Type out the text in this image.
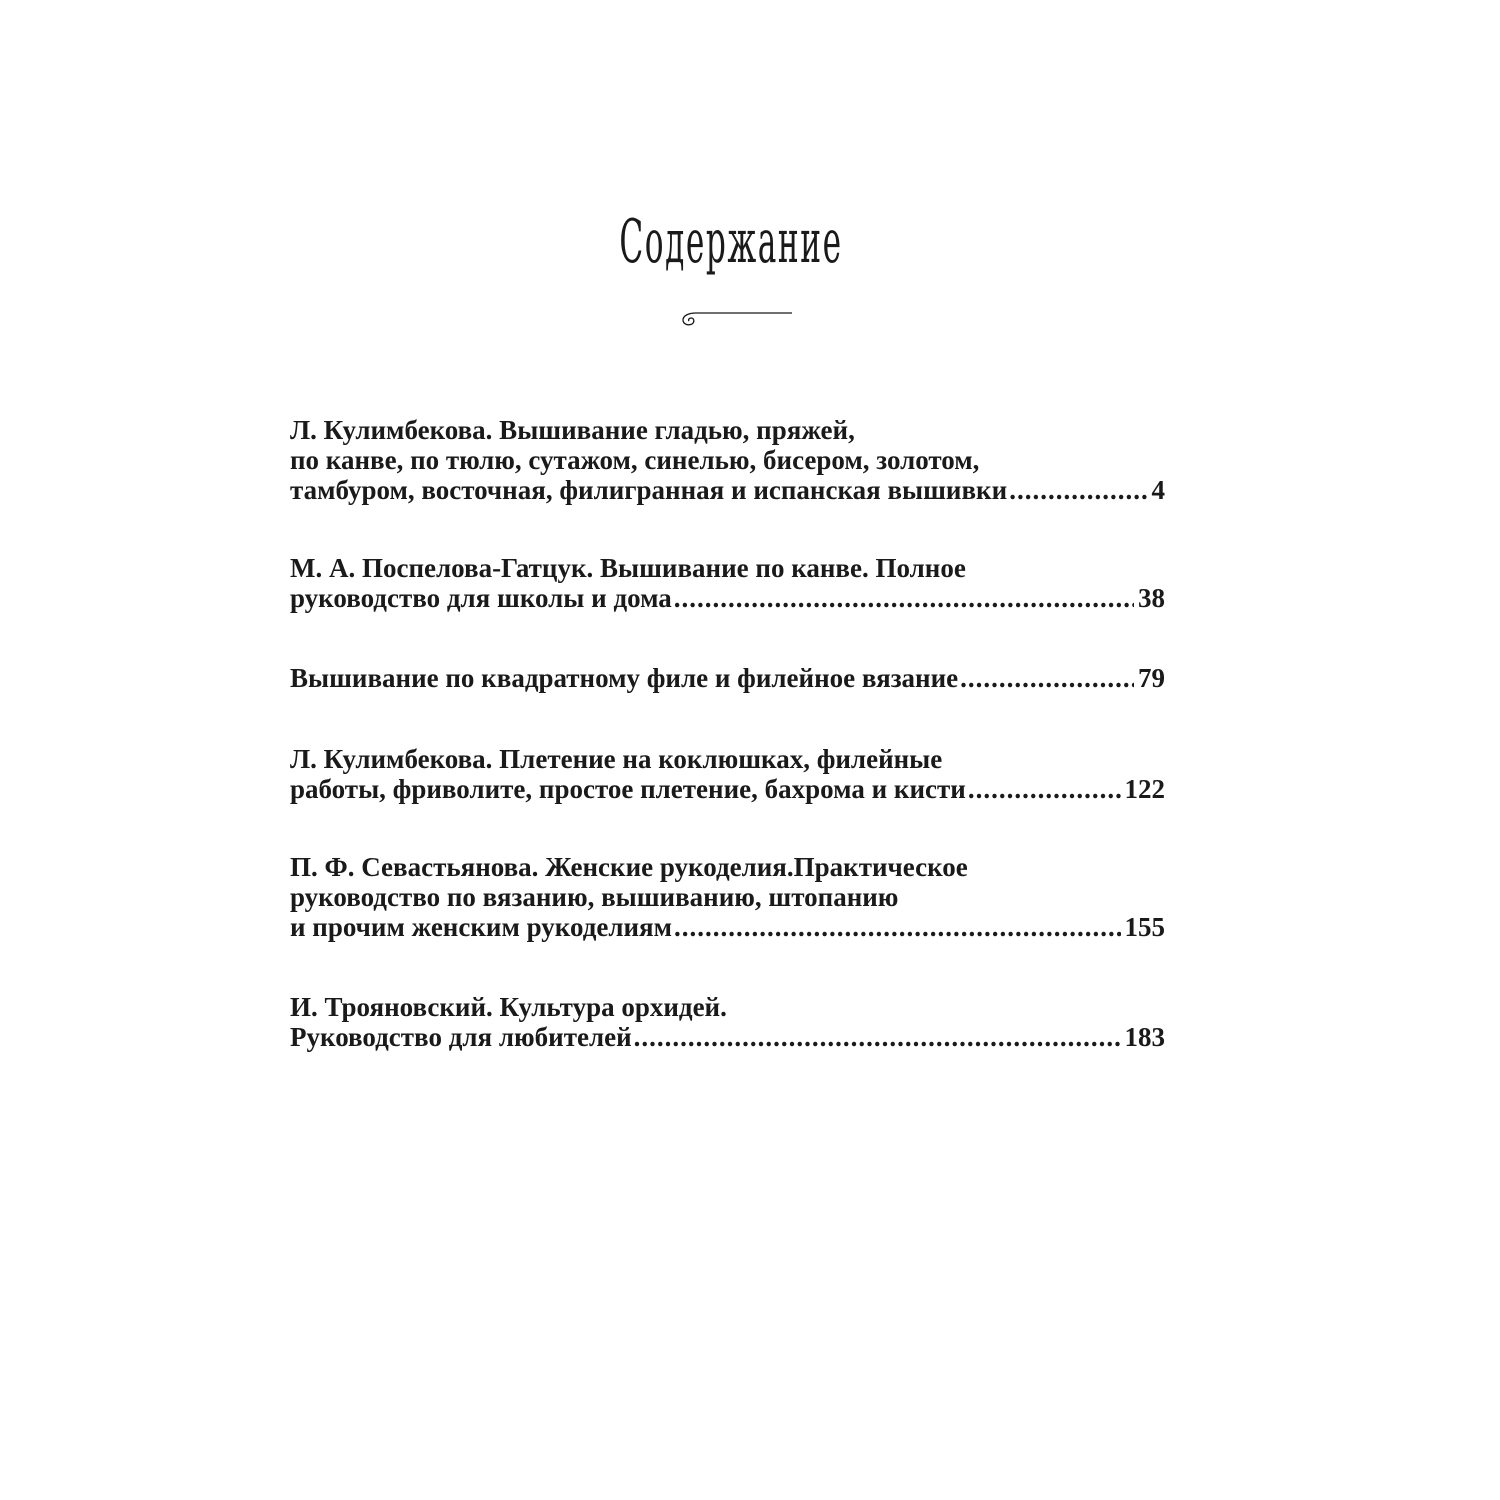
Содержание
Л. Кулимбекова. Вышивание гладью, пряжей,
по канве, по тюлю, сутажом, синелью, бисером, золотом,
тамбуром, восточная, филигранная и испанская вышивки .....	4
М. А. Поспелова-Гатцук. Вышивание по канве. Полное
руководство для школы и дома .....	38
Вышивание по квадратному филе и филейное вязание .....	79
Л. Кулимбекова. Плетение на коклюшках, филейные
работы, фриволите, простое плетение, бахрома и кисти .....	122
П. Ф. Севастьянова. Женские рукоделия.Практическое
руководство по вязанию, вышиванию, штопанию
и прочим женским рукоделиям .....	155
И. Трояновский. Культура орхидей.
Руководство для любителей .....	183
